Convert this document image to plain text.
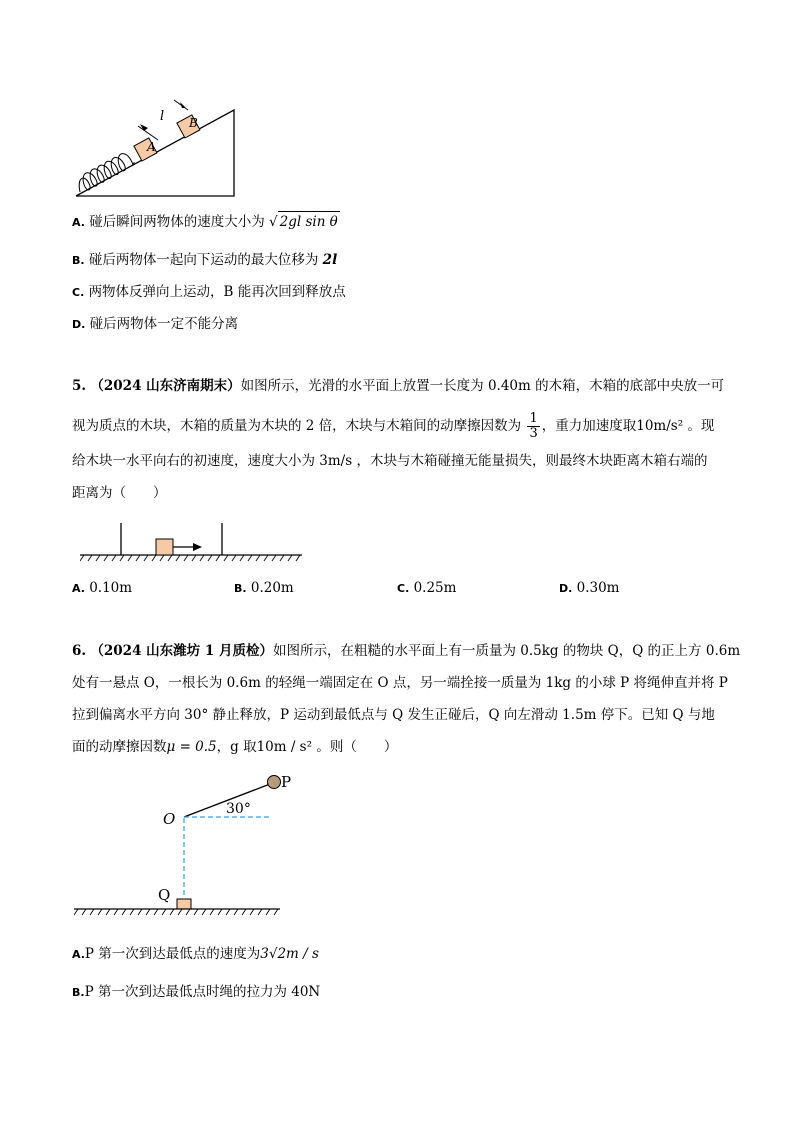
A
B
l
A. 碰后瞬间两物体的速度大小为 √ 2gl sin θ
B. 碰后两物体一起向下运动的最大位移为 2l
C. 两物体反弹向上运动，B 能再次回到释放点
D. 碰后两物体一定不能分离
5. （2024 山东济南期末）如图所示，光滑的水平面上放置一长度为 0.40m 的木箱，木箱的底部中央放一可
视为质点的木块，木箱的质量为木块的 2 倍，木块与木箱间的动摩擦因数为 $\frac{1}{3}$ ，重力加速度取10m/s² 。现
给木块一水平向右的初速度，速度大小为 3m/s ，木块与木箱碰撞无能量损失，则最终木块距离木箱右端的
距离为（　　）
A. 0.10m	B. 0.20m	C. 0.25m	D. 0.30m
6. （2024 山东潍坊 1 月质检）如图所示，在粗糙的水平面上有一质量为 0.5kg 的物块 Q，Q 的正上方 0.6m
处有一悬点 O，一根长为 0.6m 的轻绳一端固定在 O 点，另一端拴接一质量为 1kg 的小球 P 将绳伸直并将 P
拉到偏离水平方向 30° 静止释放，P 运动到最低点与 Q 发生正碰后，Q 向左滑动 1.5m 停下。已知 Q 与地
面的动摩擦因数μ = 0.5，g 取10m / s² 。则（　　）
P
O
30°
Q
A.P 第一次到达最低点的速度为3√2m / s
B.P 第一次到达最低点时绳的拉力为 40N
